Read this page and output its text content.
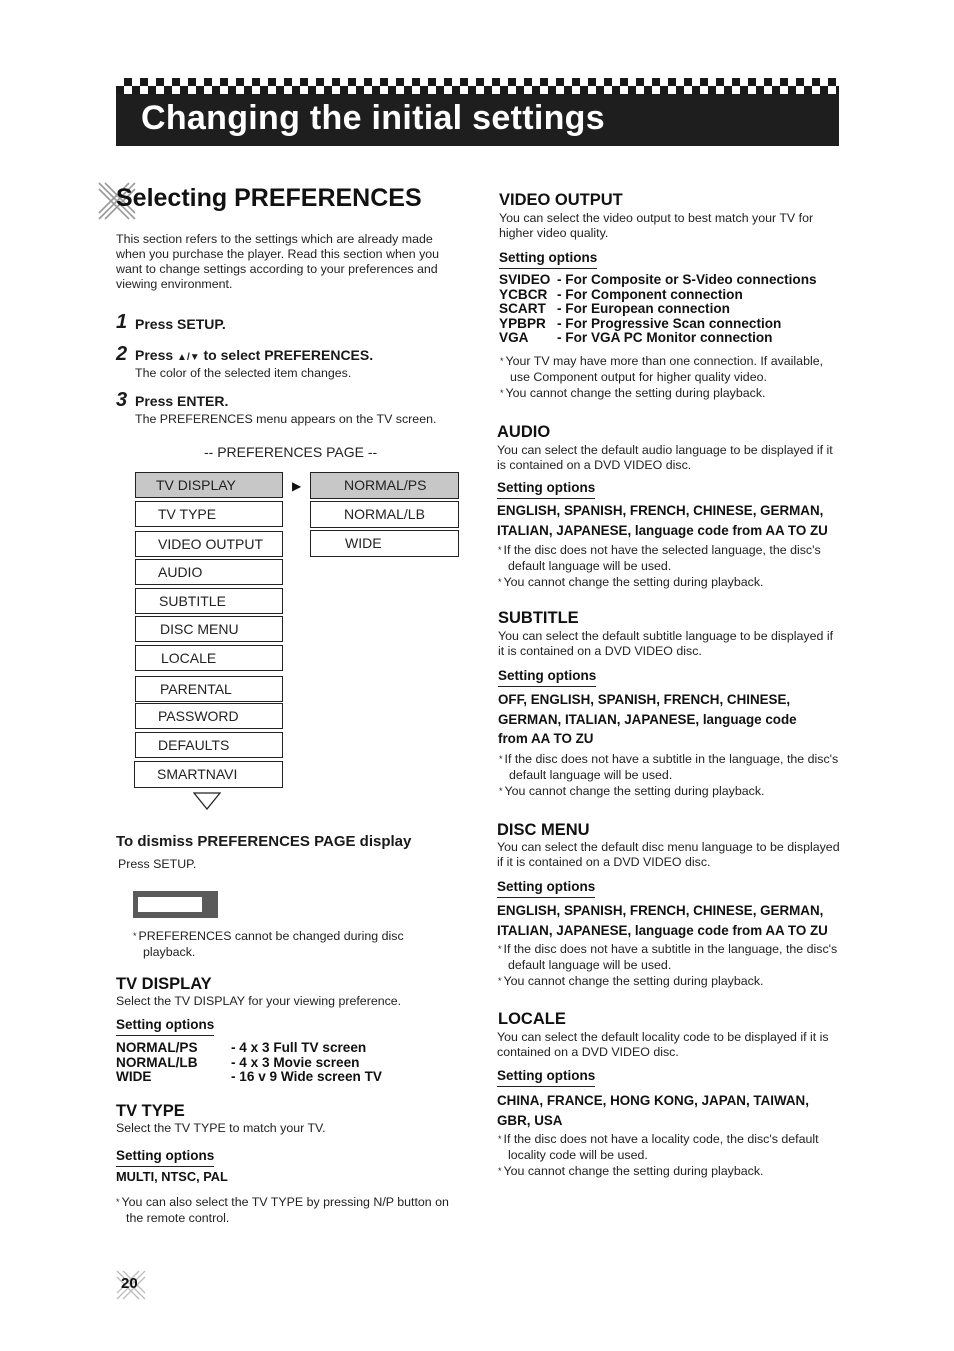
Changing the initial settings
Selecting PREFERENCES
This section refers to the settings which are already made when you purchase the player. Read this section when you want to change settings according to your preferences and viewing environment.
1 Press SETUP.
2 Press ▲/▼ to select PREFERENCES.
The color of the selected item changes.
3 Press ENTER.
The PREFERENCES menu appears on the TV screen.
-- PREFERENCES PAGE --
TV DISPLAY
TV TYPE
VIDEO OUTPUT
AUDIO
SUBTITLE
DISC MENU
LOCALE
PARENTAL
PASSWORD
DEFAULTS
SMARTNAVI
▶	NORMAL/PS
NORMAL/LB
WIDE
To dismiss PREFERENCES PAGE display
Press SETUP.
* PREFERENCES cannot be changed during disc playback.
TV DISPLAY
Select the TV DISPLAY for your viewing preference.
Setting options
NORMAL/PS - 4 x 3 Full TV screen
NORMAL/LB - 4 x 3 Movie screen
WIDE	- 16 v 9 Wide screen TV
TV TYPE
Select the TV TYPE to match your TV.
Setting options
MULTI, NTSC, PAL
* You can also select the TV TYPE by pressing N/P button on the remote control.
20
VIDEO OUTPUT
You can select the video output to best match your TV for higher video quality.
Setting options
SVIDEO - For Composite or S-Video connections
YCBCR - For Component connection
SCART - For European connection
YPBPR - For Progressive Scan connection
VGA - For VGA PC Monitor connection
* Your TV may have more than one connection. If available, use Component output for higher quality video.
* You cannot change the setting during playback.
AUDIO
You can select the default audio language to be displayed if it is contained on a DVD VIDEO disc.
Setting options
ENGLISH, SPANISH, FRENCH, CHINESE, GERMAN,
ITALIAN, JAPANESE, language code from AA TO ZU
* If the disc does not have the selected language, the disc's default language will be used.
* You cannot change the setting during playback.
SUBTITLE
You can select the default subtitle language to be displayed if it is contained on a DVD VIDEO disc.
Setting options
OFF, ENGLISH, SPANISH, FRENCH, CHINESE,
GERMAN, ITALIAN, JAPANESE, language code
from AA TO ZU
* If the disc does not have a subtitle in the language, the disc's default language will be used.
* You cannot change the setting during playback.
DISC MENU
You can select the default disc menu language to be displayed if it is contained on a DVD VIDEO disc.
Setting options
ENGLISH, SPANISH, FRENCH, CHINESE, GERMAN,
ITALIAN, JAPANESE, language code from AA TO ZU
* If the disc does not have a subtitle in the language, the disc's default language will be used.
* You cannot change the setting during playback.
LOCALE
You can select the default locality code to be displayed if it is contained on a DVD VIDEO disc.
Setting options
CHINA, FRANCE, HONG KONG, JAPAN, TAIWAN,
GBR, USA
* If the disc does not have a locality code, the disc's default locality code will be used.
* You cannot change the setting during playback.
